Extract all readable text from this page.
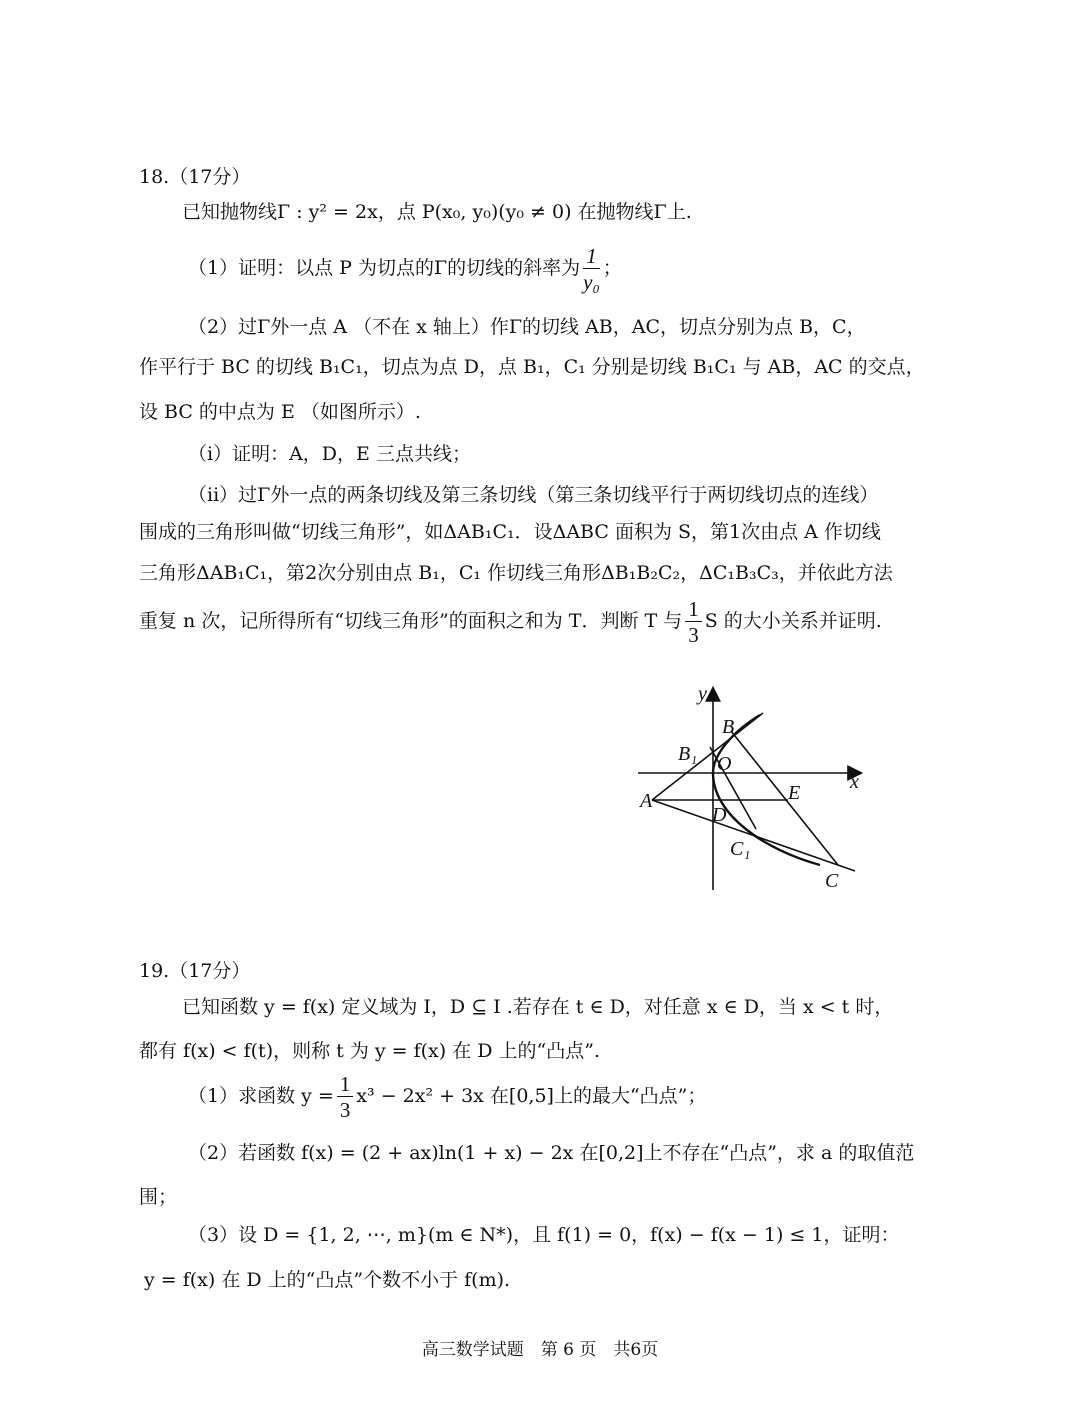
18.（17分）
已知抛物线Γ : y² = 2x，点 P(x₀, y₀)(y₀ ≠ 0) 在抛物线Γ上.
（1）证明：以点 P 为切点的Γ的切线的斜率为 $\frac{1}{\text{y₀}}$ ；
（2）过Γ外一点 A （不在 x 轴上）作Γ的切线 AB，AC，切点分别为点 B，C，
作平行于 BC 的切线 B₁C₁，切点为点 D，点 B₁，C₁ 分别是切线 B₁C₁ 与 AB，AC 的交点，
设 BC 的中点为 E （如图所示）.
（i）证明：A，D，E 三点共线；
（ii）过Γ外一点的两条切线及第三条切线（第三条切线平行于两切线切点的连线）
围成的三角形叫做“切线三角形”，如ΔAB₁C₁．设ΔABC 面积为 S，第1次由点 A 作切线
三角形ΔAB₁C₁，第2次分别由点 B₁，C₁ 作切线三角形ΔB₁B₂C₂，ΔC₁B₃C₃，并依此方法
重复 n 次，记所得所有“切线三角形”的面积之和为 T．判断 T 与 $\frac{1}{3}$ S 的大小关系并证明.
y
x
O
A
B
B₁
C
C₁
D
E
19.（17分）
已知函数 y = f(x) 定义域为 I，D ⊆ I .若存在 t ∈ D，对任意 x ∈ D，当 x < t 时，
都有 f(x) < f(t)，则称 t 为 y = f(x) 在 D 上的“凸点”.
（1）求函数 $y = \frac{1}{3} x^3 - 2x^2 + 3x$ 在[0,5]上的最大“凸点”；
（2）若函数 f(x) = (2 + ax)ln(1 + x) − 2x 在[0,2]上不存在“凸点”，求 a 的取值范
围；
（3）设 D = {1, 2, ⋯, m}(m ∈ N*)，且 f(1) = 0，f(x) − f(x − 1) ≤ 1，证明：
y = f(x) 在 D 上的“凸点”个数不小于 f(m).
高三数学试题　第 6 页　共6页
